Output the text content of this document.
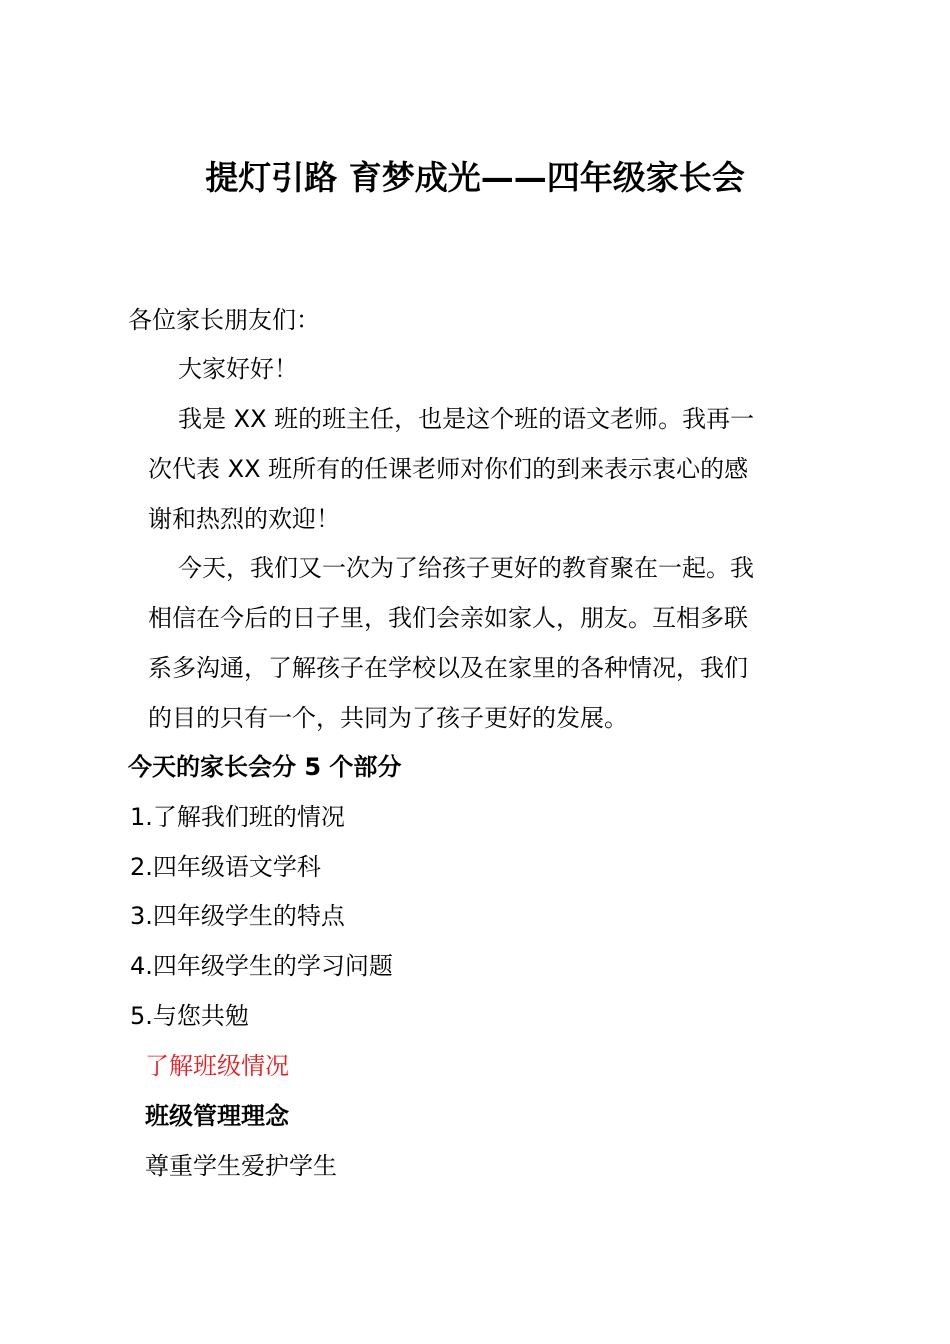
提灯引路 育梦成光——四年级家长会
各位家长朋友们：
大家好好！
我是 XX 班的班主任，也是这个班的语文老师。我再一
次代表 XX 班所有的任课老师对你们的到来表示衷心的感
谢和热烈的欢迎！
今天，我们又一次为了给孩子更好的教育聚在一起。我
相信在今后的日子里，我们会亲如家人，朋友。互相多联
系多沟通，了解孩子在学校以及在家里的各种情况，我们
的目的只有一个，共同为了孩子更好的发展。
今天的家长会分 5 个部分
1.了解我们班的情况
2.四年级语文学科
3.四年级学生的特点
4.四年级学生的学习问题
5.与您共勉
了解班级情况
班级管理理念
尊重学生爱护学生
